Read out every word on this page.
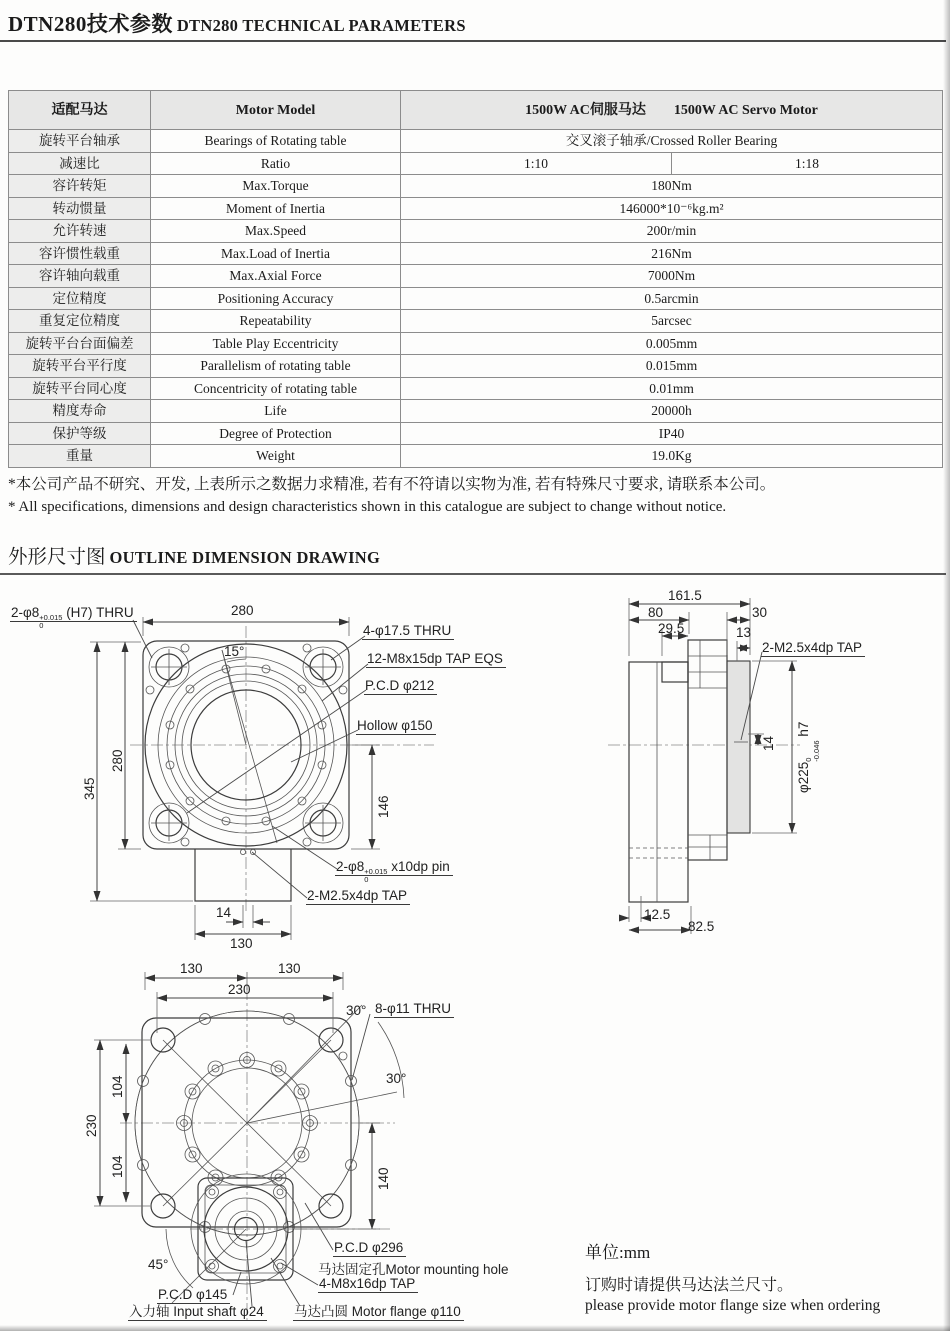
DTN280技术参数 DTN280 TECHNICAL PARAMETERS
适配马达	Motor Model	1500W AC伺服马达　　1500W AC Servo Motor	
旋转平台轴承	Bearings of Rotating table	交叉滚子轴承/Crossed Roller Bearing	
减速比	Ratio	1:10	1:18
容许转矩	Max.Torque	180Nm	
转动惯量	Moment of Inertia	146000*10⁻⁶kg.m²	
允许转速	Max.Speed	200r/min	
容许惯性载重	Max.Load of Inertia	216Nm	
容许轴向载重	Max.Axial Force	7000Nm	
定位精度	Positioning Accuracy	0.5arcmin	
重复定位精度	Repeatability	5arcsec	
旋转平台台面偏差	Table Play Eccentricity	0.005mm	
旋转平台平行度	Parallelism of rotating table	0.015mm	
旋转平台同心度	Concentricity of rotating table	0.01mm	
精度寿命	Life	20000h	
保护等级	Degree of Protection	IP40	
重量	Weight	19.0Kg	
*本公司产品不研究、开发, 上表所示之数据力求精准, 若有不符请以实物为准, 若有特殊尺寸要求, 请联系本公司。
* All specifications, dimensions and design characteristics shown in this catalogue are subject to change without notice.
外形尺寸图 OUTLINE DIMENSION DRAWING
2-φ8 +0.015
0
(H7) THRU	280
4-φ17.5 THRU
12-M8x15dp TAP EQS
P.C.D φ212
Hollow φ150
15°
345
280
146
14
130
2-φ8 +0.015
0
x10dp pin
2-M2.5x4dp TAP
161.5
80	30
29.5	13
2-M2.5x4dp TAP
14
φ225
0
-0.046
h7
12.5
82.5
130	130
230
30° 8-φ11 THRU
30°
230
104
104
140
45°
P.C.D φ296
马达固定孔Motor mounting hole
4-M8x16dp TAP
P.C.D φ145
入力轴 Input shaft φ24 马达凸圆 Motor flange φ110
单位:mm
订购时请提供马达法兰尺寸。
please provide motor flange size when ordering
